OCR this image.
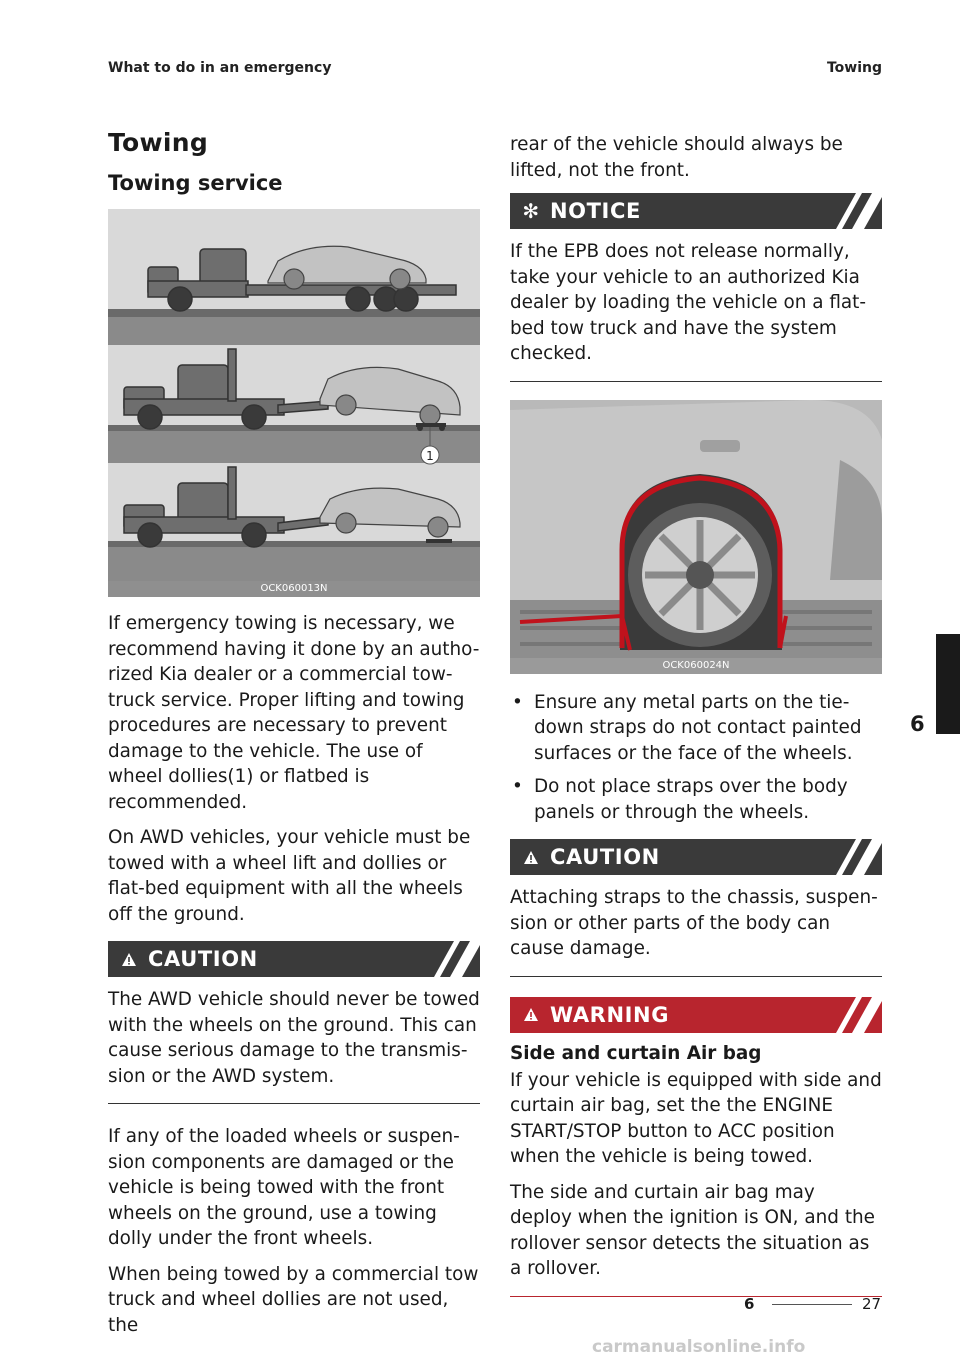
What to do in an emergency	Towing
Towing
Towing service
1
OCK060013N

If emergency towing is necessary, we recommend having it done by an autho-rized Kia dealer or a commercial tow-truck service. Proper lifting and towing procedures are necessary to prevent damage to the vehicle. The use of wheel dollies(1) or flatbed is recommended.

On AWD vehicles, your vehicle must be towed with a wheel lift and dollies or flat-bed equipment with all the wheels off the ground.

CAUTION

The AWD vehicle should never be towed with the wheels on the ground. This can cause serious damage to the transmis-sion or the AWD system.

If any of the loaded wheels or suspen-sion components are damaged or the vehicle is being towed with the front wheels on the ground, use a towing dolly under the front wheels.

When being towed by a commercial tow truck and wheel dollies are not used, the

rear of the vehicle should always be lifted, not the front.

✻ NOTICE

If the EPB does not release normally, take your vehicle to an authorized Kia dealer by loading the vehicle on a flat-bed tow truck and have the system checked.

OCK060024N
• Ensure any metal parts on the tie-down straps do not contact painted surfaces or the face of the wheels.
• Do not place straps over the body panels or through the wheels.
CAUTION

Attaching straps to the chassis, suspen-sion or other parts of the body can cause damage.

WARNING
Side and curtain Air bag

If your vehicle is equipped with side and curtain air bag, set the the ENGINE START/STOP button to ACC position when the vehicle is being towed.

The side and curtain air bag may deploy when the ignition is ON, and the rollover sensor detects the situation as a rollover.

6
6	27
carmanualsonline.info
